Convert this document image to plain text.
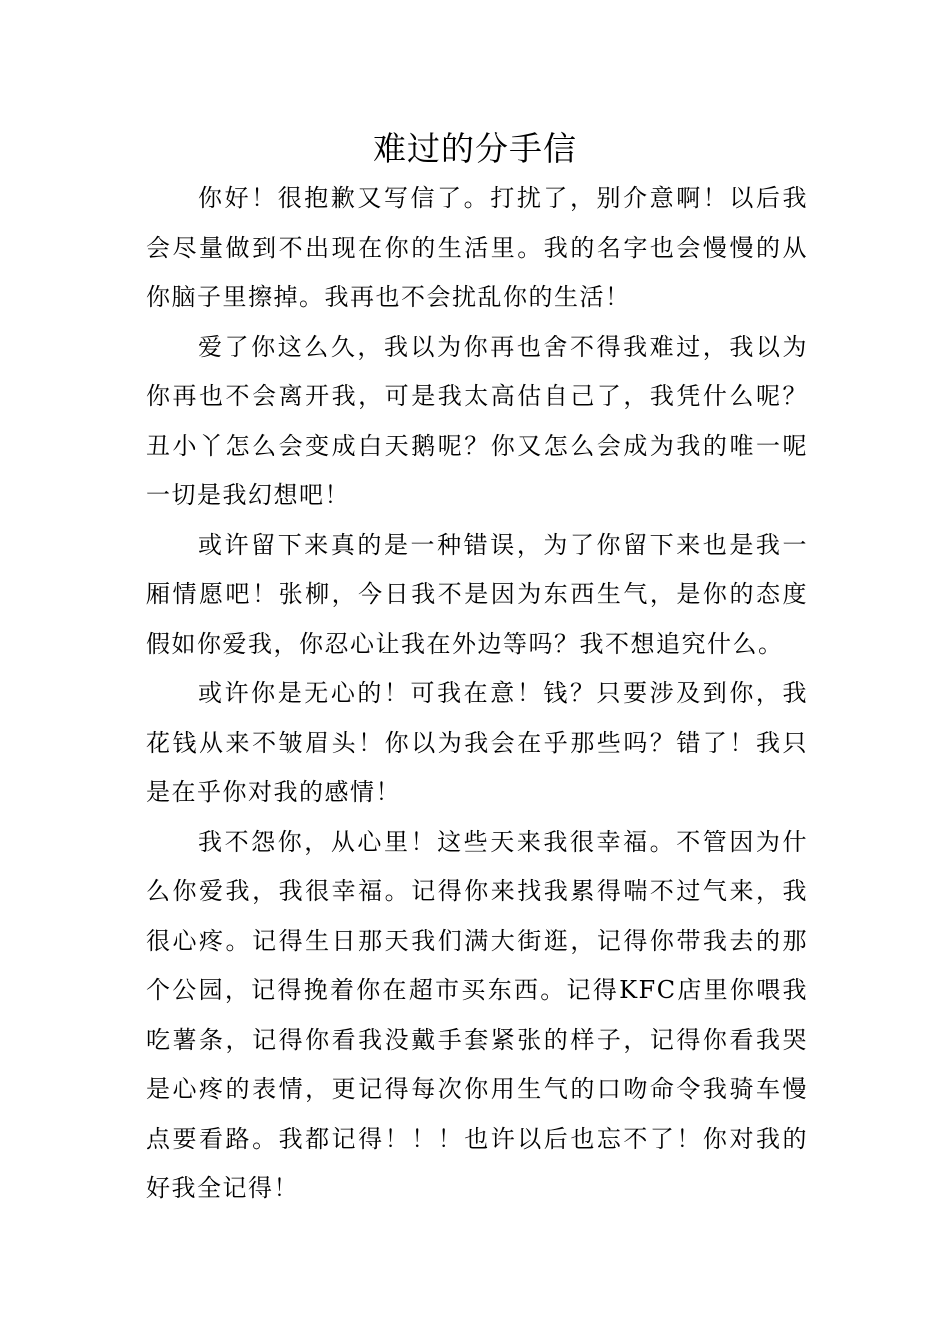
难过的分手信

你好！很抱歉又写信了。打扰了，别介意啊！以后我会尽量做到不出现在你的生活里。我的名字也会慢慢的从你脑子里擦掉。我再也不会扰乱你的生活！

爱了你这么久，我以为你再也舍不得我难过，我以为你再也不会离开我，可是我太高估自己了，我凭什么呢？丑小丫怎么会变成白天鹅呢？你又怎么会成为我的唯一呢一切是我幻想吧！

或许留下来真的是一种错误，为了你留下来也是我一厢情愿吧！张柳，今日我不是因为东西生气，是你的态度假如你爱我，你忍心让我在外边等吗？我不想追究什么。

或许你是无心的！可我在意！钱？只要涉及到你，我花钱从来不皱眉头！你以为我会在乎那些吗？错了！我只是在乎你对我的感情！

我不怨你，从心里！这些天来我很幸福。不管因为什么你爱我，我很幸福。记得你来找我累得喘不过气来，我很心疼。记得生日那天我们满大街逛，记得你带我去的那个公园，记得挽着你在超市买东西。记得KFC店里你喂我吃薯条，记得你看我没戴手套紧张的样子，记得你看我哭是心疼的表情，更记得每次你用生气的口吻命令我骑车慢点要看路。我都记得！！！也许以后也忘不了！你对我的好我全记得！
